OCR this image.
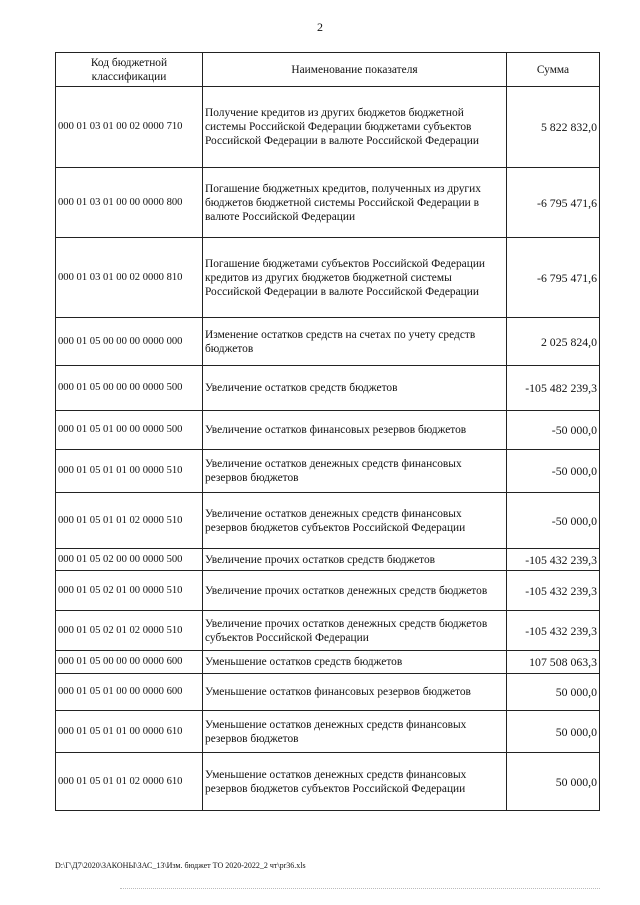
2
Код бюджетной классификации	Наименование показателя	Сумма
000 01 03 01 00 02 0000 710	Получение кредитов из других бюджетов бюджетной системы Российской Федерации бюджетами субъектов Российской Федерации в валюте Российской Федерации	5 822 832,0
000 01 03 01 00 00 0000 800	Погашение бюджетных кредитов, полученных из других бюджетов бюджетной системы Российской Федерации в валюте Российской Федерации	-6 795 471,6
000 01 03 01 00 02 0000 810	Погашение бюджетами субъектов Российской Федерации кредитов из других бюджетов бюджетной системы Российской Федерации в валюте Российской Федерации	-6 795 471,6
000 01 05 00 00 00 0000 000	Изменение остатков средств на счетах по учету средств бюджетов	2 025 824,0
000 01 05 00 00 00 0000 500	Увеличение остатков средств бюджетов	-105 482 239,3
000 01 05 01 00 00 0000 500	Увеличение остатков финансовых резервов бюджетов	-50 000,0
000 01 05 01 01 00 0000 510	Увеличение остатков денежных средств финансовых резервов бюджетов	-50 000,0
000 01 05 01 01 02 0000 510	Увеличение остатков денежных средств финансовых резервов бюджетов субъектов Российской Федерации	-50 000,0
000 01 05 02 00 00 0000 500	Увеличение прочих остатков средств бюджетов	-105 432 239,3
000 01 05 02 01 00 0000 510	Увеличение прочих остатков денежных средств бюджетов	-105 432 239,3
000 01 05 02 01 02 0000 510	Увеличение прочих остатков денежных средств бюджетов субъектов Российской Федерации	-105 432 239,3
000 01 05 00 00 00 0000 600	Уменьшение остатков средств бюджетов	107 508 063,3
000 01 05 01 00 00 0000 600	Уменьшение остатков финансовых резервов бюджетов	50 000,0
000 01 05 01 01 00 0000 610	Уменьшение остатков денежных средств финансовых резервов бюджетов	50 000,0
000 01 05 01 01 02 0000 610	Уменьшение остатков денежных средств финансовых резервов бюджетов субъектов Российской Федерации	50 000,0
D:\Г\Д7\2020\ЗАКОНЫ\ЗАС_13\Изм. бюджет ТО 2020-2022_2 чт\pr36.xls
